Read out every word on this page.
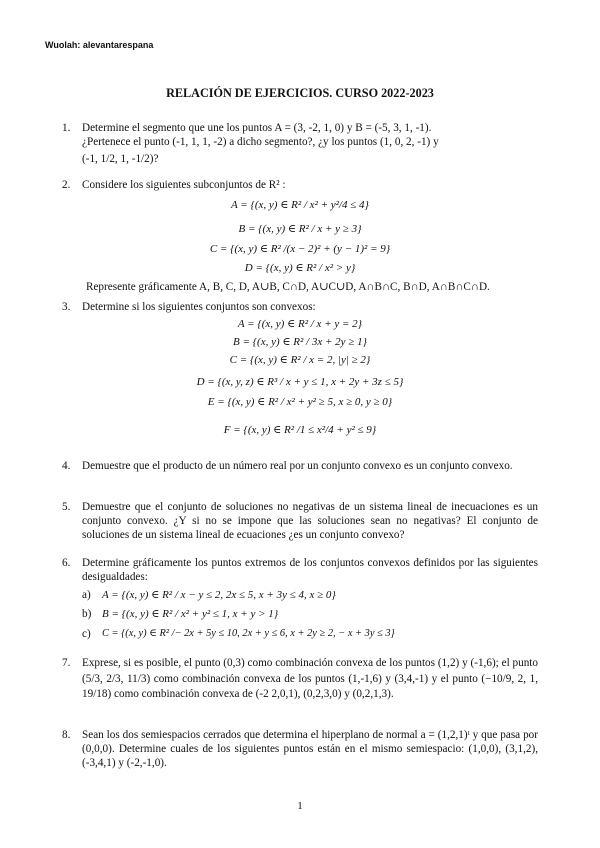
Wuolah: alevantarespana
RELACIÓN DE EJERCICIOS. CURSO 2022-2023
1. Determine el segmento que une los puntos A = (3, -2, 1, 0) y B = (-5, 3, 1, -1).
¿Pertenece el punto (-1, 1, 1, -2) a dicho segmento?, ¿y los puntos (1, 0, 2, -1) y
(-1, 1/2, 1, -1/2)?
2. Considere los siguientes subconjuntos de R² :
A = {(x, y) ∈ R² / x² + y²/4 ≤ 4}
B = {(x, y) ∈ R² / x + y ≥ 3}
C = {(x, y) ∈ R² /(x − 2)² + (y − 1)² = 9}
D = {(x, y) ∈ R² / x² > y}
Represente gráficamente A, B, C, D, A∪B, C∩D, A∪C∪D, A∩B∩C, B∩D, A∩B∩C∩D.
3. Determine si los siguientes conjuntos son convexos:
A = {(x, y) ∈ R² / x + y = 2}
B = {(x, y) ∈ R² / 3x + 2y ≥ 1}
C = {(x, y) ∈ R² / x = 2, |y| ≥ 2}
D = {(x, y, z) ∈ R³ / x + y ≤ 1, x + 2y + 3z ≤ 5}
E = {(x, y) ∈ R² / x² + y² ≥ 5, x ≥ 0, y ≥ 0}
F = {(x, y) ∈ R² /1 ≤ x²/4 + y² ≤ 9}
4. Demuestre que el producto de un número real por un conjunto convexo es un conjunto convexo.
5. Demuestre que el conjunto de soluciones no negativas de un sistema lineal de inecuaciones es un conjunto convexo. ¿Y si no se impone que las soluciones sean no negativas? El conjunto de soluciones de un sistema lineal de ecuaciones ¿es un conjunto convexo?
6. Determine gráficamente los puntos extremos de los conjuntos convexos definidos por las siguientes desigualdades:
a) A = {(x, y) ∈ R² / x − y ≤ 2, 2x ≤ 5, x + 3y ≤ 4, x ≥ 0}
b) B = {(x, y) ∈ R² / x² + y² ≤ 1, x + y > 1}
c) C = {(x, y) ∈ R² /− 2x + 5y ≤ 10, 2x + y ≤ 6, x + 2y ≥ 2, − x + 3y ≤ 3}
7. Exprese, si es posible, el punto (0,3) como combinación convexa de los puntos (1,2) y (-1,6); el punto (5/3, 2/3, 11/3) como combinación convexa de los puntos (1,-1,6) y (3,4,-1) y el punto (−10/9, 2, 1, 19/18) como combinación convexa de (-2 2,0,1), (0,2,3,0) y (0,2,1,3).
8. Sean los dos semiespacios cerrados que determina el hiperplano de normal a = (1,2,1)ᵗ y que pasa por (0,0,0). Determine cuales de los siguientes puntos están en el mismo semiespacio: (1,0,0), (3,1,2), (-3,4,1) y (-2,-1,0).
1
